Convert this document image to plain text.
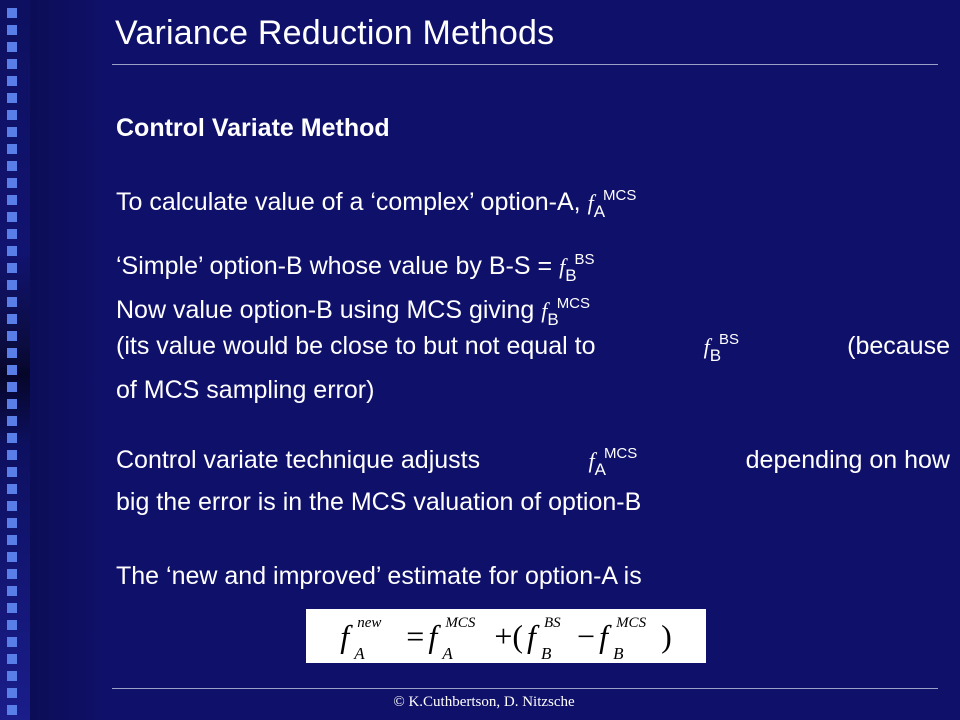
Variance Reduction Methods
Control Variate Method
To calculate value of a ‘complex’ option-A, $f_A^{MCS}$
‘Simple’ option-B whose value by $B-S = f_B^{BS}$
Now value option-B using MCS giving $f_B^{MCS}$
(its value would be close to but not equal to	$f_B^{BS}$	(because
of MCS sampling error)
Control variate technique adjusts	$f_A^{MCS}$	depending on how
big the error is in the MCS valuation of option-B
The ‘new and improved’ estimate for option-A is
f new
A = f MCS
A +( f BS
B − f MCS
B )
© K.Cuthbertson, D. Nitzsche
